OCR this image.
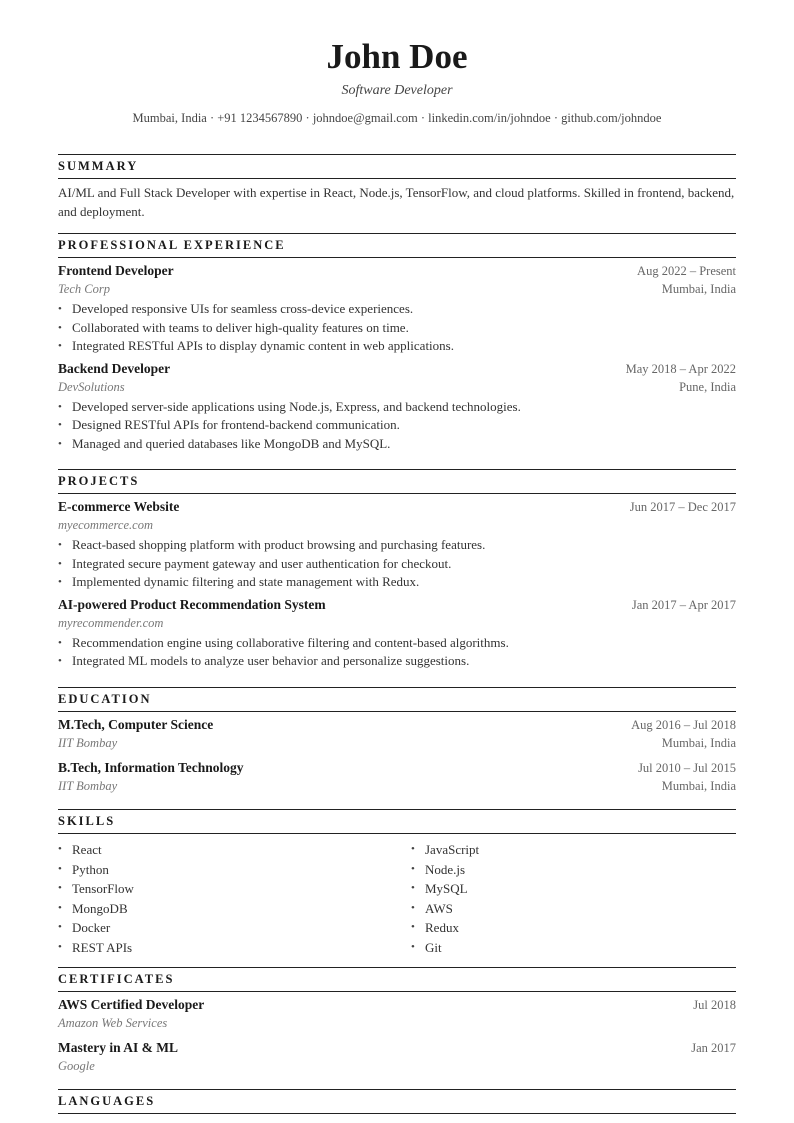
John Doe
Software Developer
Mumbai, India · +91 1234567890 · johndoe@gmail.com · linkedin.com/in/johndoe · github.com/johndoe
SUMMARY
AI/ML and Full Stack Developer with expertise in React, Node.js, TensorFlow, and cloud platforms. Skilled in frontend, backend, and deployment.
PROFESSIONAL EXPERIENCE
Frontend Developer	Aug 2022 – Present
Tech Corp	Mumbai, India
• Developed responsive UIs for seamless cross-device experiences.
• Collaborated with teams to deliver high-quality features on time.
• Integrated RESTful APIs to display dynamic content in web applications.
Backend Developer	May 2018 – Apr 2022
DevSolutions	Pune, India
• Developed server-side applications using Node.js, Express, and backend technologies.
• Designed RESTful APIs for frontend-backend communication.
• Managed and queried databases like MongoDB and MySQL.
PROJECTS
E-commerce Website	Jun 2017 – Dec 2017
myecommerce.com
• React-based shopping platform with product browsing and purchasing features.
• Integrated secure payment gateway and user authentication for checkout.
• Implemented dynamic filtering and state management with Redux.
AI-powered Product Recommendation System	Jan 2017 – Apr 2017
myrecommender.com
• Recommendation engine using collaborative filtering and content-based algorithms.
• Integrated ML models to analyze user behavior and personalize suggestions.
EDUCATION
M.Tech, Computer Science	Aug 2016 – Jul 2018
IIT Bombay	Mumbai, India
B.Tech, Information Technology	Jul 2010 – Jul 2015
IIT Bombay	Mumbai, India
SKILLS
• React
• Python
• TensorFlow
• MongoDB
• Docker
• REST APIs
• JavaScript
• Node.js
• MySQL
• AWS
• Redux
• Git
CERTIFICATES
AWS Certified Developer	Jul 2018
Amazon Web Services
Mastery in AI & ML	Jan 2017
Google
LANGUAGES
